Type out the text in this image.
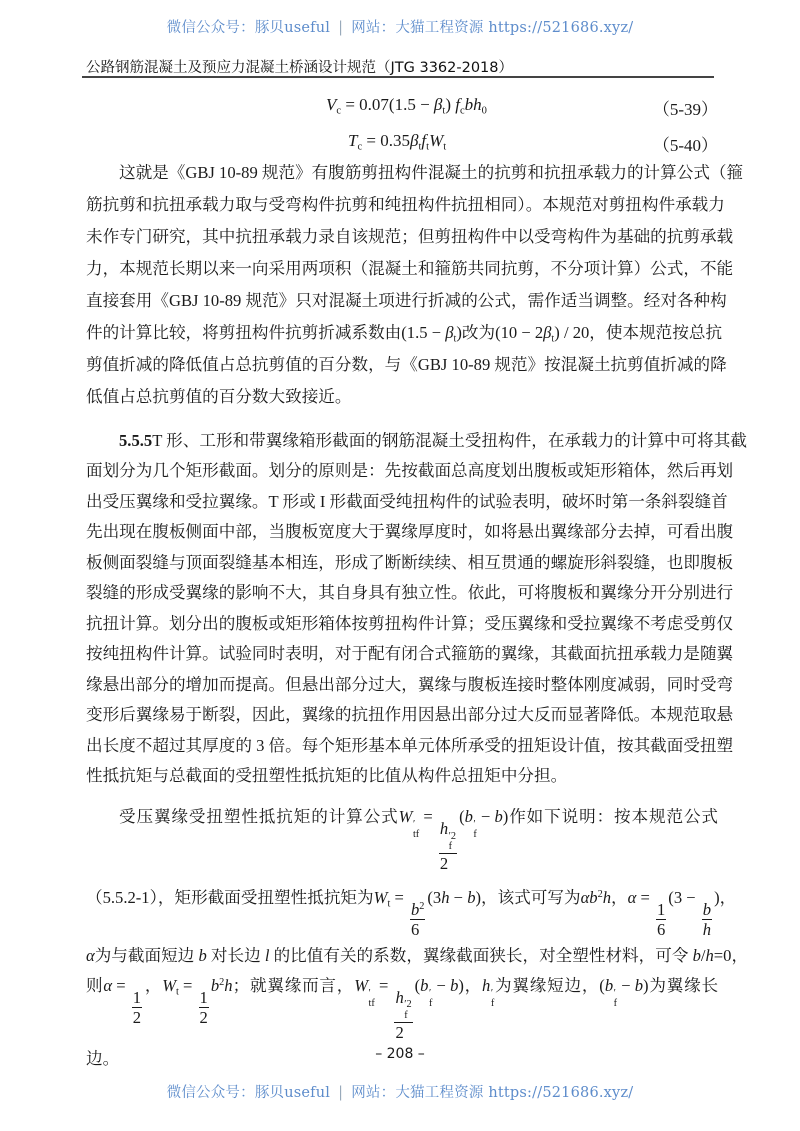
微信公众号：豚贝useful | 网站：大猫工程资源 https://521686.xyz/
公路钢筋混凝土及预应力混凝土桥涵设计规范（JTG 3362-2018）
$V_c = 0.07(1.5 - \beta_t)$ $f_cbh_0$	（5-39）
$T_c = 0.35\beta_tf_tW_t$	（5-40）
这就是《GBJ 10-89 规范》有腹筋剪扭构件混凝土的抗剪和抗扭承载力的计算公式（箍
筋抗剪和抗扭承载力取与受弯构件抗剪和纯扭构件抗扭相同）。本规范对剪扭构件承载力
未作专门研究，其中抗扭承载力录自该规范；但剪扭构件中以受弯构件为基础的抗剪承载
力，本规范长期以来一向采用两项积（混凝土和箍筋共同抗剪，不分项计算）公式，不能
直接套用《GBJ 10-89 规范》只对混凝土项进行折减的公式，需作适当调整。经对各种构
件的计算比较，将剪扭构件抗剪折减系数由$(1.5 - \beta_t)$改为$(10 - 2\beta_t) / 20$，使本规范按总抗
剪值折减的降低值占总抗剪值的百分数，与《GBJ 10-89 规范》按混凝土抗剪值折减的降
低值占总抗剪值的百分数大致接近。
5.5.5T 形、工形和带翼缘箱形截面的钢筋混凝土受扭构件，在承载力的计算中可将其截
面划分为几个矩形截面。划分的原则是：先按截面总高度划出腹板或矩形箱体，然后再划
出受压翼缘和受拉翼缘。T 形或 I 形截面受纯扭构件的试验表明，破坏时第一条斜裂缝首
先出现在腹板侧面中部，当腹板宽度大于翼缘厚度时，如将悬出翼缘部分去掉，可看出腹
板侧面裂缝与顶面裂缝基本相连，形成了断断续续、相互贯通的螺旋形斜裂缝，也即腹板
裂缝的形成受翼缘的影响不大，其自身具有独立性。依此，可将腹板和翼缘分开分别进行
抗扭计算。划分出的腹板或矩形箱体按剪扭构件计算；受压翼缘和受拉翼缘不考虑受剪仅
按纯扭构件计算。试验同时表明，对于配有闭合式箍筋的翼缘，其截面抗扭承载力是随翼
缘悬出部分的增加而提高。但悬出部分过大，翼缘与腹板连接时整体刚度减弱，同时受弯
变形后翼缘易于断裂，因此，翼缘的抗扭作用因悬出部分过大反而显著降低。本规范取悬
出长度不超过其厚度的 3 倍。每个矩形基本单元体所承受的扭矩设计值，按其截面受扭塑
性抵抗矩与总截面的受扭塑性抵抗矩的比值从构件总扭矩中分担。
受压翼缘受扭塑性抵抗矩的计算公式W ′
tf
=
h ′2
f
2
(b ′
f
− b)作如下说明：按本规范公式
（5.5.2-1），矩形截面受扭塑性抵抗矩为$W_t$ =
$\frac{b^2}{6}$
(3h − b)，该式可写为$\alpha b^2h$，α =
$\frac{1}{6}$
(3 −
$\frac{b}{h}$
)，
α为与截面短边 b 对长边 l 的比值有关的系数，翼缘截面狭长，对全塑性材料，可令 b/h=0，
则α =
$\frac{1}{2}$
，$W_t$ =
$\frac{1}{2}$
$b^2h$；就翼缘而言，W ′
tf
=
h ′2
f
2
(b ′
f
− b)，h ′
f
为翼缘短边，(b ′
f
− b)为翼缘长
边。	– 208 –
微信公众号：豚贝useful | 网站：大猫工程资源 https://521686.xyz/
